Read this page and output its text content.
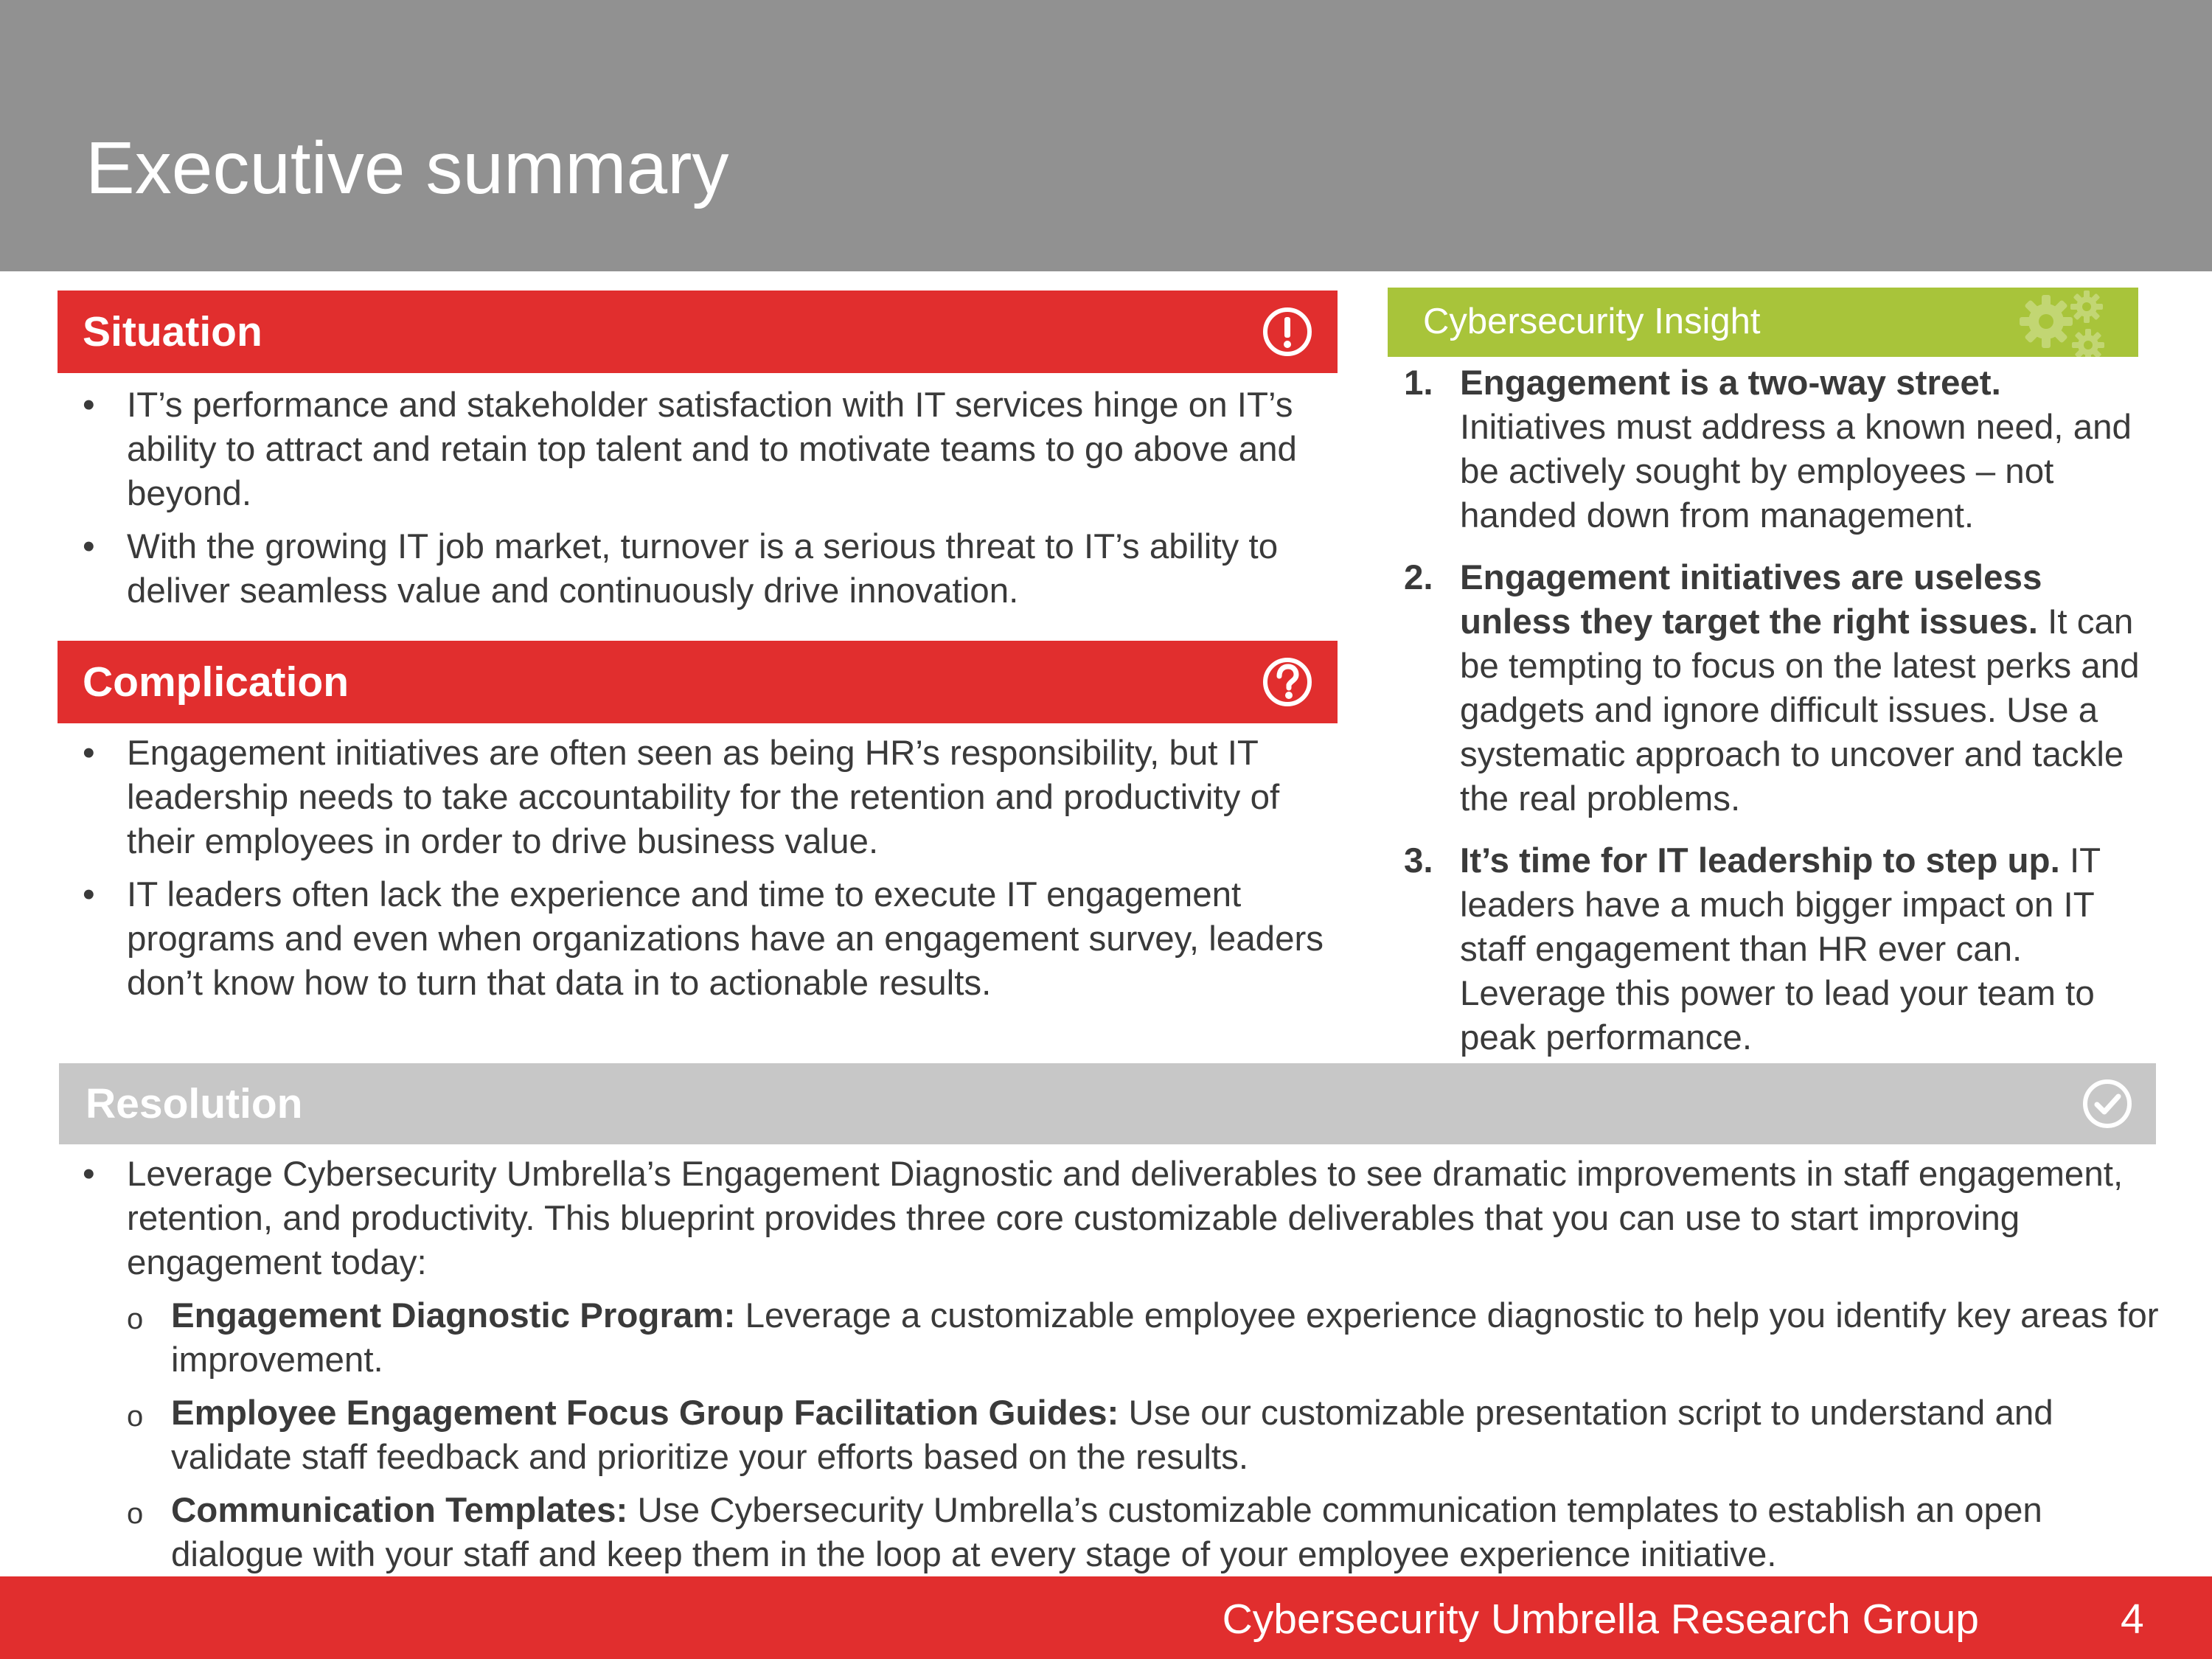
Executive summary
Situation
• IT’s performance and stakeholder satisfaction with IT services hinge on IT’s ability to attract and retain top talent and to motivate teams to go above and beyond.
• With the growing IT job market, turnover is a serious threat to IT’s ability to deliver seamless value and continuously drive innovation.
Complication
• Engagement initiatives are often seen as being HR’s responsibility, but IT leadership needs to take accountability for the retention and productivity of their employees in order to drive business value.
• IT leaders often lack the experience and time to execute IT engagement programs and even when organizations have an engagement survey, leaders don’t know how to turn that data in to actionable results.
Cybersecurity Insight
1. Engagement is a two-way street. Initiatives must address a known need, and be actively sought by employees – not handed down from management.
2. Engagement initiatives are useless unless they target the right issues. It can be tempting to focus on the latest perks and gadgets and ignore difficult issues. Use a systematic approach to uncover and tackle the real problems.
3. It’s time for IT leadership to step up. IT leaders have a much bigger impact on IT staff engagement than HR ever can. Leverage this power to lead your team to peak performance.
Resolution
• Leverage Cybersecurity Umbrella’s Engagement Diagnostic and deliverables to see dramatic improvements in staff engagement, retention, and productivity. This blueprint provides three core customizable deliverables that you can use to start improving engagement today:
o Engagement Diagnostic Program: Leverage a customizable employee experience diagnostic to help you identify key areas for improvement.
o Employee Engagement Focus Group Facilitation Guides: Use our customizable presentation script to understand and validate staff feedback and prioritize your efforts based on the results.
o Communication Templates: Use Cybersecurity Umbrella’s customizable communication templates to establish an open dialogue with your staff and keep them in the loop at every stage of your employee experience initiative.
Cybersecurity Umbrella Research Group	4
